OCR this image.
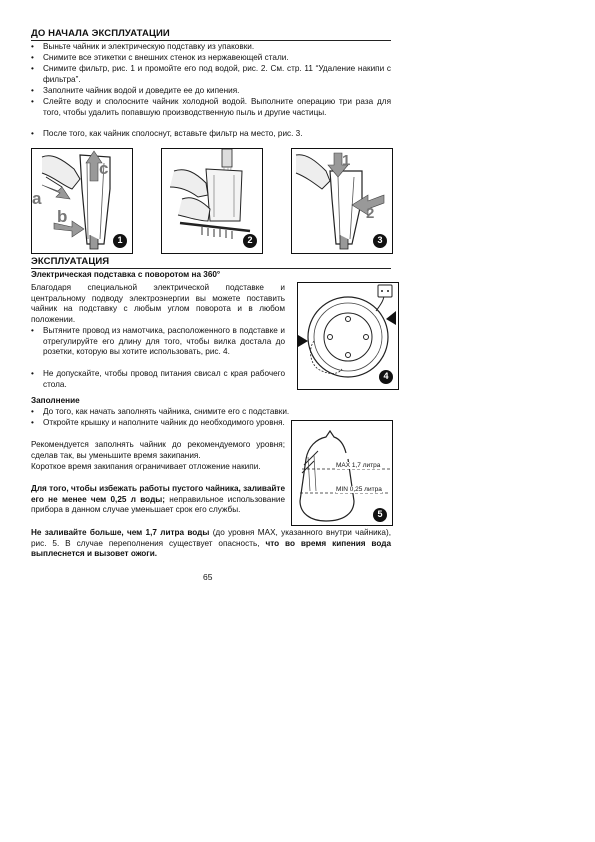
ДО НАЧАЛА ЭКСПЛУАТАЦИИ
• Выньте чайник и электрическую подставку из упаковки.
• Снимите все этикетки с внешних стенок из нержавеющей стали.
• Снимите фильтр, рис. 1 и промойте его под водой, рис. 2. См. стр. 11 “Удаление накипи с фильтра”.
• Заполните чайник водой и доведите ее до кипения.
• Слейте воду и сполосните чайник холодной водой. Выполните операцию три раза для того, чтобы удалить попавшую производственную пыль и другие частицы.
• После того, как чайник сполоснут, вставьте фильтр на место, рис. 3.
a
b
c
1	2
1
2
3
ЭКСПЛУАТАЦИЯ
Электрическая подставка с поворотом на 360°
Благодаря специальной электрической подставке и центральному подводу электроэнергии вы можете поставить чайник на подставку с любым углом поворота и в любом положении.
• Вытяните провод из намотчика, расположенного в подставке и отрегулируйте его длину для того, чтобы вилка достала до розетки, которую вы хотите использовать, рис. 4.
• Не допускайте, чтобы провод питания свисал с края рабочего стола.
4
Заполнение
• До того, как начать заполнять чайника, снимите его с подставки.
• Откройте крышку и наполните чайник до необходимого уровня.
Рекомендуется заполнять чайник до рекомендуемого уровня; сделав так, вы уменьшите время закипания.
Короткое время закипания ограничивает отложение накипи.
Для того, чтобы избежать работы пустого чайника, заливайте его не менее чем 0,25 л воды; неправильное использование прибора в данном случае уменьшает срок его службы.
Не заливайте больше, чем 1,7 литра воды (до уровня MAX, указанного внутри чайника), рис. 5. В случае переполнения существует опасность, что во время кипения вода выплеснется и вызовет ожоги.
MAX 1,7 литра
MIN 0,25 литра
5
65
